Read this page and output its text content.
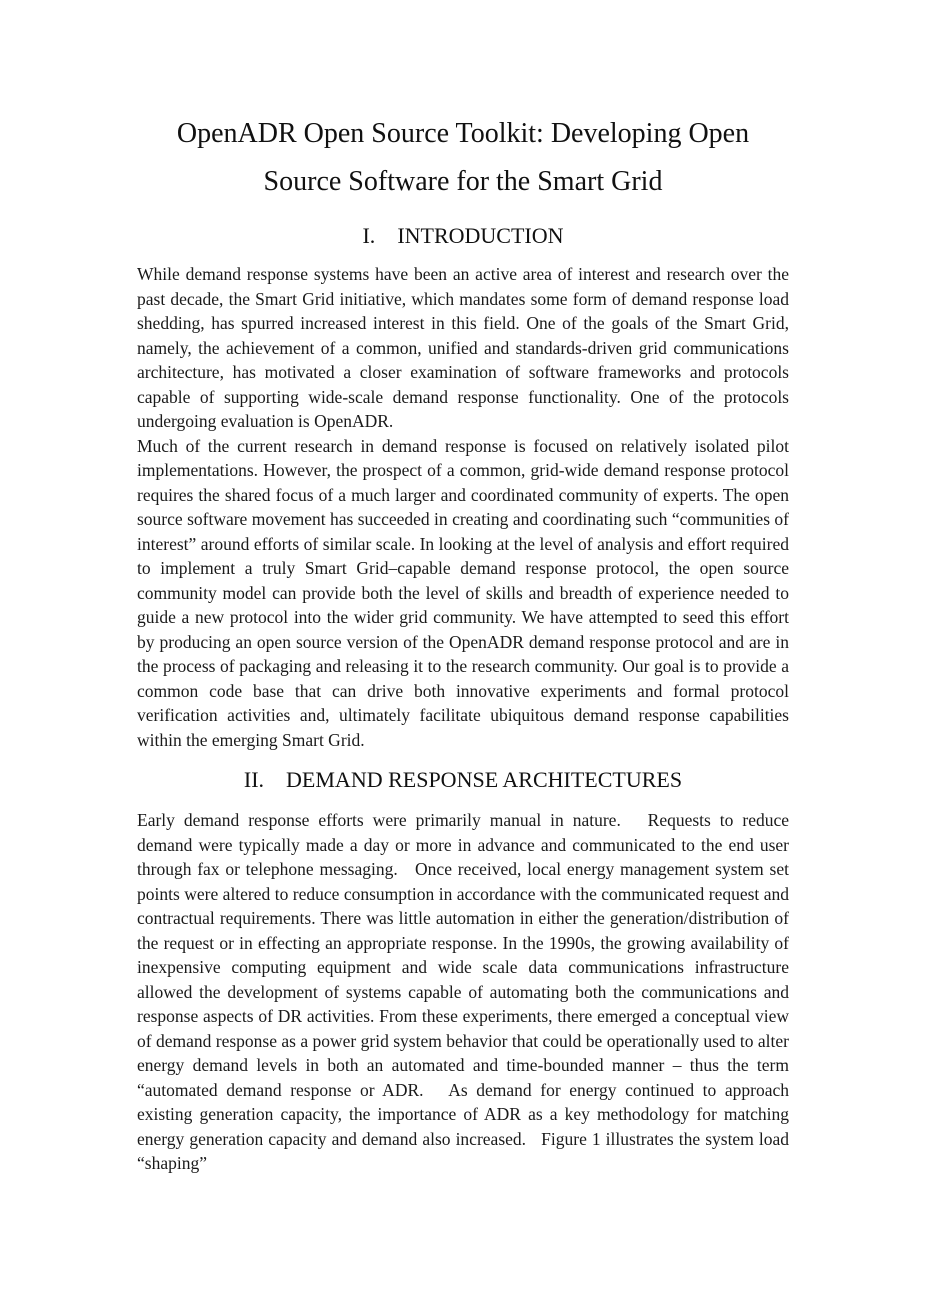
OpenADR Open Source Toolkit: Developing Open
Source Software for the Smart Grid
I. INTRODUCTION

While demand response systems have been an active area of interest and research over the past decade, the Smart Grid initiative, which mandates some form of demand response load shedding, has spurred increased interest in this field. One of the goals of the Smart Grid, namely, the achievement of a common, unified and standards-driven grid communications architecture, has motivated a closer examination of software frameworks and protocols capable of supporting wide-scale demand response functionality. One of the protocols undergoing evaluation is OpenADR.

Much of the current research in demand response is focused on relatively isolated pilot implementations. However, the prospect of a common, grid-wide demand response protocol requires the shared focus of a much larger and coordinated community of experts. The open source software movement has succeeded in creating and coordinating such “communities of interest” around efforts of similar scale. In looking at the level of analysis and effort required to implement a truly Smart Grid–capable demand response protocol, the open source community model can provide both the level of skills and breadth of experience needed to guide a new protocol into the wider grid community. We have attempted to seed this effort by producing an open source version of the OpenADR demand response protocol and are in the process of packaging and releasing it to the research community. Our goal is to provide a common code base that can drive both innovative experiments and formal protocol verification activities and, ultimately facilitate ubiquitous demand response capabilities within the emerging Smart Grid.

II. DEMAND RESPONSE ARCHITECTURES

Early demand response efforts were primarily manual in nature.   Requests to reduce demand were typically made a day or more in advance and communicated to the end user through fax or telephone messaging.   Once received, local energy management system set points were altered to reduce consumption in accordance with the communicated request and contractual requirements. There was little automation in either the generation/distribution of the request or in effecting an appropriate response. In the 1990s, the growing availability of inexpensive computing equipment and wide scale data communications infrastructure allowed the development of systems capable of automating both the communications and response aspects of DR activities. From these experiments, there emerged a conceptual view of demand response as a power grid system behavior that could be operationally used to alter energy demand levels in both an automated and time-bounded manner – thus the term “automated demand response or ADR.   As demand for energy continued to approach existing generation capacity, the importance of ADR as a key methodology for matching energy generation capacity and demand also increased.   Figure 1 illustrates the system load “shaping”
